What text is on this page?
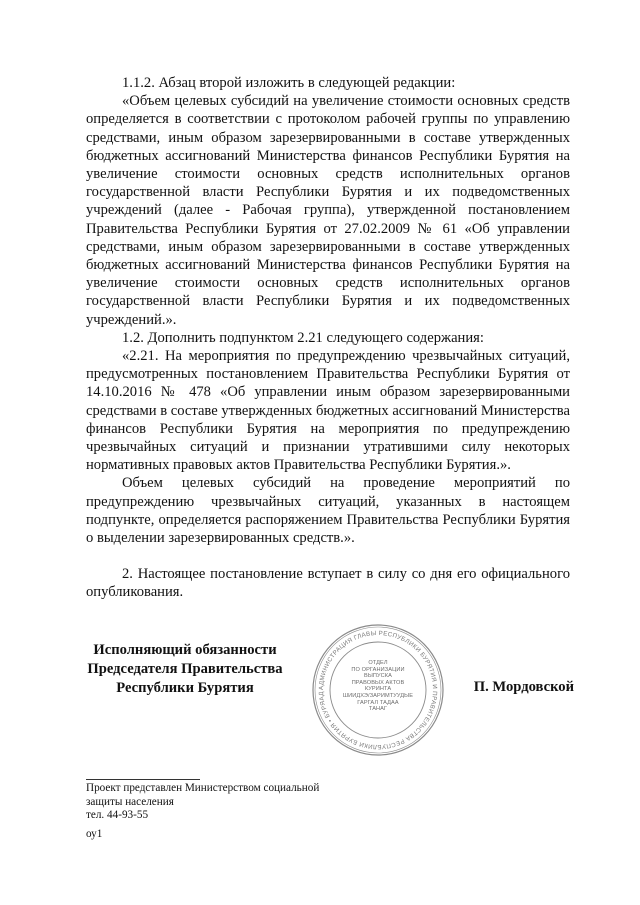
1.1.2. Абзац второй изложить в следующей редакции:

«Объем целевых субсидий на увеличение стоимости основных средств определяется в соответствии с протоколом рабочей группы по управлению средствами, иным образом зарезервированными в составе утвержденных бюджетных ассигнований Министерства финансов Республики Бурятия на увеличение стоимости основных средств исполнительных органов государственной власти Республики Бурятия и их подведомственных учреждений (далее - Рабочая группа), утвержденной постановлением Правительства Республики Бурятия от 27.02.2009 № 61 «Об управлении средствами, иным образом зарезервированными в составе утвержденных бюджетных ассигнований Министерства финансов Республики Бурятия на увеличение стоимости основных средств исполнительных органов государственной власти Республики Бурятия и их подведомственных учреждений.».

1.2. Дополнить подпунктом 2.21 следующего содержания:

«2.21. На мероприятия по предупреждению чрезвычайных ситуаций, предусмотренных постановлением Правительства Республики Бурятия от 14.10.2016 № 478 «Об управлении иным образом зарезервированными средствами в составе утвержденных бюджетных ассигнований Министерства финансов Республики Бурятия на мероприятия по предупреждению чрезвычайных ситуаций и признании утратившими силу некоторых нормативных правовых актов Правительства Республики Бурятия.».

Объем целевых субсидий на проведение мероприятий по предупреждению чрезвычайных ситуаций, указанных в настоящем подпункте, определяется распоряжением Правительства Республики Бурятия о выделении зарезервированных средств.».

2. Настоящее постановление вступает в силу со дня его официального опубликования.

Исполняющий обязанности
Председателя Правительства
Республики Бурятия	АДМИНИСТРАЦИЯ ГЛАВЫ РЕСПУБЛИКИ БУРЯТИЯ И ПРАВИТЕЛЬСТВА РЕСПУБЛИКИ БУРЯТИЯ • БУРЯАД
ОТДЕЛ
ПО ОРГАНИЗАЦИИ
ВЫПУСКА
ПРАВОВЫХ АКТОВ
КУРИНТА
ШИИДХЭ/ЗАРИМТУУДЫЕ
ГАРГАЛ ТАДАА
ТАНАГ
П. Мордовской
Проект представлен Министерством социальной
защиты населения
тел. 44-93-55
оу1
